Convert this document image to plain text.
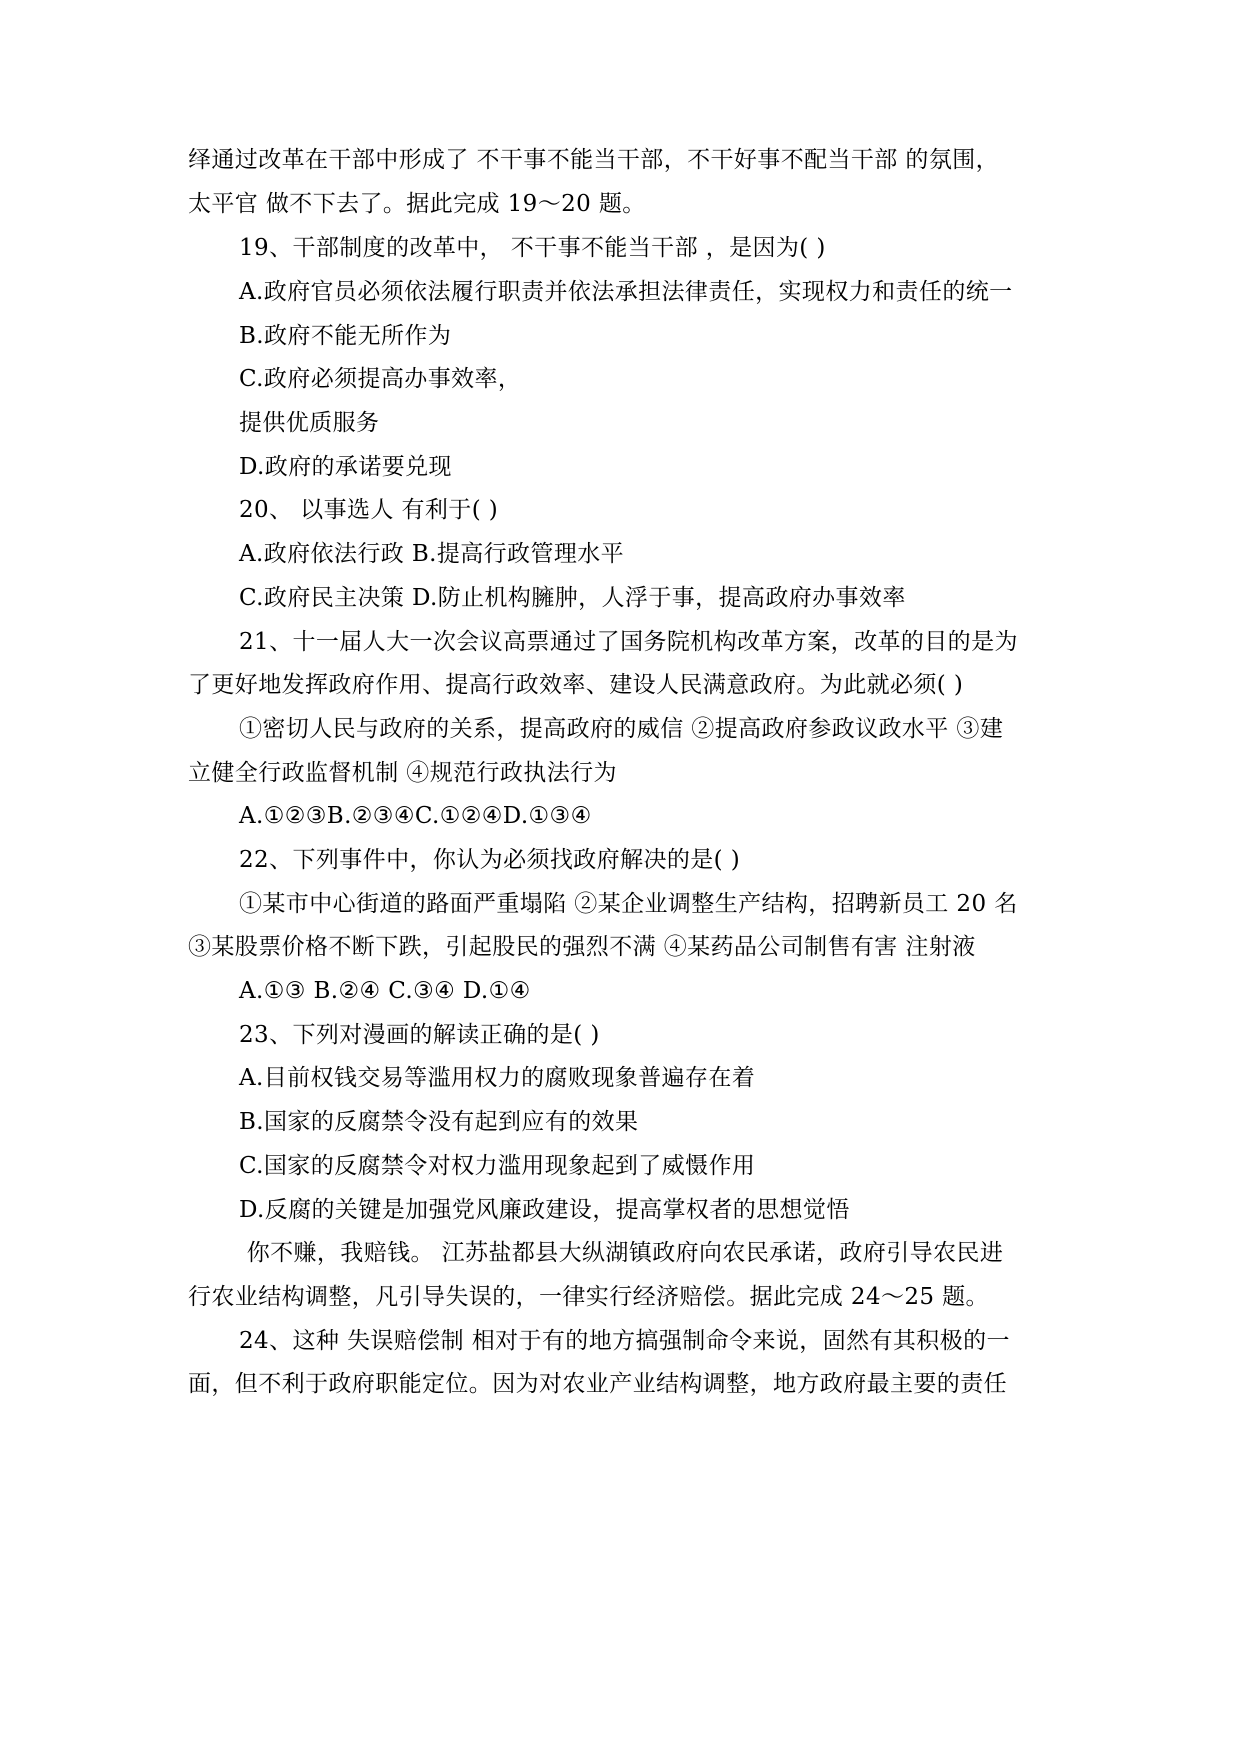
绎通过改革在干部中形成了 不干事不能当干部，不干好事不配当干部 的氛围，
太平官 做不下去了。据此完成 19～20 题。
19、干部制度的改革中， 不干事不能当干部 ，是因为( )
A.政府官员必须依法履行职责并依法承担法律责任，实现权力和责任的统一
B.政府不能无所作为
C.政府必须提高办事效率，
提供优质服务
D.政府的承诺要兑现
20、 以事选人 有利于( )
A.政府依法行政 B.提高行政管理水平
C.政府民主决策 D.防止机构臃肿，人浮于事，提高政府办事效率
21、十一届人大一次会议高票通过了国务院机构改革方案，改革的目的是为
了更好地发挥政府作用、提高行政效率、建设人民满意政府。为此就必须( )
①密切人民与政府的关系，提高政府的威信 ②提高政府参政议政水平 ③建
立健全行政监督机制 ④规范行政执法行为
A.①②③B.②③④C.①②④D.①③④
22、下列事件中，你认为必须找政府解决的是( )
①某市中心街道的路面严重塌陷 ②某企业调整生产结构，招聘新员工 20 名
③某股票价格不断下跌，引起股民的强烈不满 ④某药品公司制售有害 注射液
A.①③ B.②④ C.③④ D.①④
23、下列对漫画的解读正确的是( )
A.目前权钱交易等滥用权力的腐败现象普遍存在着
B.国家的反腐禁令没有起到应有的效果
C.国家的反腐禁令对权力滥用现象起到了威慑作用
D.反腐的关键是加强党风廉政建设，提高掌权者的思想觉悟
你不赚，我赔钱。 江苏盐都县大纵湖镇政府向农民承诺，政府引导农民进
行农业结构调整，凡引导失误的，一律实行经济赔偿。据此完成 24～25 题。
24、这种 失误赔偿制 相对于有的地方搞强制命令来说，固然有其积极的一
面，但不利于政府职能定位。因为对农业产业结构调整，地方政府最主要的责任
